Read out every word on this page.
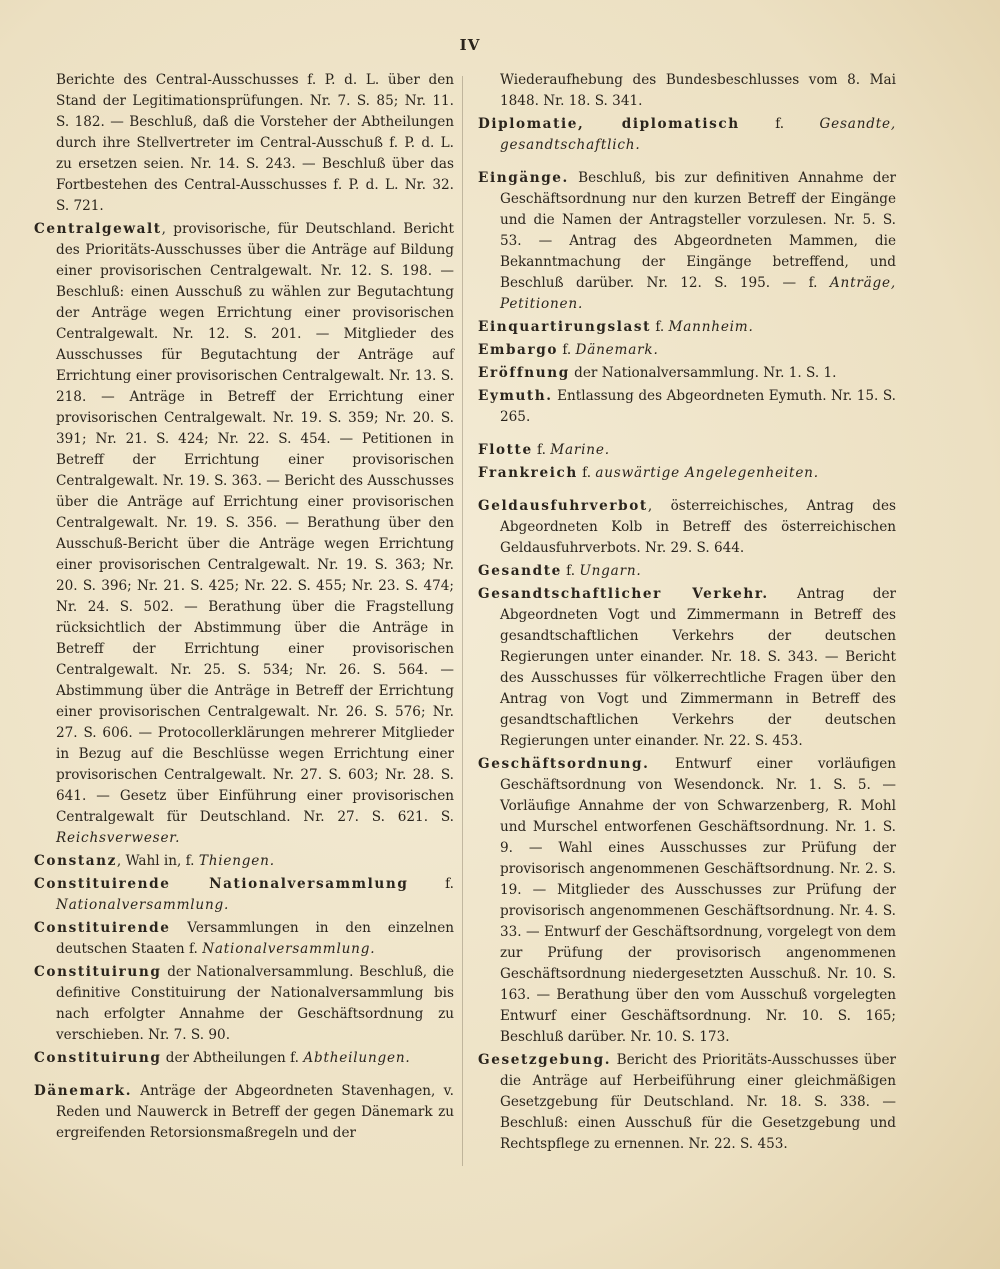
IV

Berichte des Central-Ausschusses f. P. d. L. über den Stand der Legitimationsprüfungen. Nr. 7. S. 85; Nr. 11. S. 182. — Beschluß, daß die Vorsteher der Abtheilungen durch ihre Stellvertreter im Central-Ausschuß f. P. d. L. zu ersetzen seien. Nr. 14. S. 243. — Beschluß über das Fortbestehen des Central-Ausschusses f. P. d. L. Nr. 32. S. 721.

Centralgewalt, provisorische, für Deutschland. Bericht des Prioritäts-Ausschusses über die Anträge auf Bildung einer provisorischen Centralgewalt. Nr. 12. S. 198. — Beschluß: einen Ausschuß zu wählen zur Begutachtung der Anträge wegen Errichtung einer provisorischen Centralgewalt. Nr. 12. S. 201. — Mitglieder des Ausschusses für Begutachtung der Anträge auf Errichtung einer provisorischen Centralgewalt. Nr. 13. S. 218. — Anträge in Betreff der Errichtung einer provisorischen Centralgewalt. Nr. 19. S. 359; Nr. 20. S. 391; Nr. 21. S. 424; Nr. 22. S. 454. — Petitionen in Betreff der Errichtung einer provisorischen Centralgewalt. Nr. 19. S. 363. — Bericht des Ausschusses über die Anträge auf Errichtung einer provisorischen Centralgewalt. Nr. 19. S. 356. — Berathung über den Ausschuß-Bericht über die Anträge wegen Errichtung einer provisorischen Centralgewalt. Nr. 19. S. 363; Nr. 20. S. 396; Nr. 21. S. 425; Nr. 22. S. 455; Nr. 23. S. 474; Nr. 24. S. 502. — Berathung über die Fragstellung rücksichtlich der Abstimmung über die Anträge in Betreff der Errichtung einer provisorischen Centralgewalt. Nr. 25. S. 534; Nr. 26. S. 564. — Abstimmung über die Anträge in Betreff der Errichtung einer provisorischen Centralgewalt. Nr. 26. S. 576; Nr. 27. S. 606. — Protocollerklärungen mehrerer Mitglieder in Bezug auf die Beschlüsse wegen Errichtung einer provisorischen Centralgewalt. Nr. 27. S. 603; Nr. 28. S. 641. — Gesetz über Einführung einer provisorischen Centralgewalt für Deutschland. Nr. 27. S. 621. S. Reichsverweser.

Constanz, Wahl in, f. Thiengen.

Constituirende Nationalversammlung f. Nationalversammlung.

Constituirende Versammlungen in den einzelnen deutschen Staaten f. Nationalversammlung.

Constituirung der Nationalversammlung. Beschluß, die definitive Constituirung der Nationalversammlung bis nach erfolgter Annahme der Geschäftsordnung zu verschieben. Nr. 7. S. 90.

Constituirung der Abtheilungen f. Abtheilungen.

Dänemark. Anträge der Abgeordneten Stavenhagen, v. Reden und Nauwerck in Betreff der gegen Dänemark zu ergreifenden Retorsionsmaßregeln und der

Wiederaufhebung des Bundesbeschlusses vom 8. Mai 1848. Nr. 18. S. 341.

Diplomatie, diplomatisch f. Gesandte, gesandtschaftlich.

Eingänge. Beschluß, bis zur definitiven Annahme der Geschäftsordnung nur den kurzen Betreff der Eingänge und die Namen der Antragsteller vorzulesen. Nr. 5. S. 53. — Antrag des Abgeordneten Mammen, die Bekanntmachung der Eingänge betreffend, und Beschluß darüber. Nr. 12. S. 195. — f. Anträge, Petitionen.

Einquartirungslast f. Mannheim.

Embargo f. Dänemark.

Eröffnung der Nationalversammlung. Nr. 1. S. 1.

Eymuth. Entlassung des Abgeordneten Eymuth. Nr. 15. S. 265.

Flotte f. Marine.

Frankreich f. auswärtige Angelegenheiten.

Geldausfuhrverbot, österreichisches, Antrag des Abgeordneten Kolb in Betreff des österreichischen Geldausfuhrverbots. Nr. 29. S. 644.

Gesandte f. Ungarn.

Gesandtschaftlicher Verkehr. Antrag der Abgeordneten Vogt und Zimmermann in Betreff des gesandtschaftlichen Verkehrs der deutschen Regierungen unter einander. Nr. 18. S. 343. — Bericht des Ausschusses für völkerrechtliche Fragen über den Antrag von Vogt und Zimmermann in Betreff des gesandtschaftlichen Verkehrs der deutschen Regierungen unter einander. Nr. 22. S. 453.

Geschäftsordnung. Entwurf einer vorläufigen Geschäftsordnung von Wesendonck. Nr. 1. S. 5. — Vorläufige Annahme der von Schwarzenberg, R. Mohl und Murschel entworfenen Geschäftsordnung. Nr. 1. S. 9. — Wahl eines Ausschusses zur Prüfung der provisorisch angenommenen Geschäftsordnung. Nr. 2. S. 19. — Mitglieder des Ausschusses zur Prüfung der provisorisch angenommenen Geschäftsordnung. Nr. 4. S. 33. — Entwurf der Geschäftsordnung, vorgelegt von dem zur Prüfung der provisorisch angenommenen Geschäftsordnung niedergesetzten Ausschuß. Nr. 10. S. 163. — Berathung über den vom Ausschuß vorgelegten Entwurf einer Geschäftsordnung. Nr. 10. S. 165; Beschluß darüber. Nr. 10. S. 173.

Gesetzgebung. Bericht des Prioritäts-Ausschusses über die Anträge auf Herbeiführung einer gleichmäßigen Gesetzgebung für Deutschland. Nr. 18. S. 338. — Beschluß: einen Ausschuß für die Gesetzgebung und Rechtspflege zu ernennen. Nr. 22. S. 453.
